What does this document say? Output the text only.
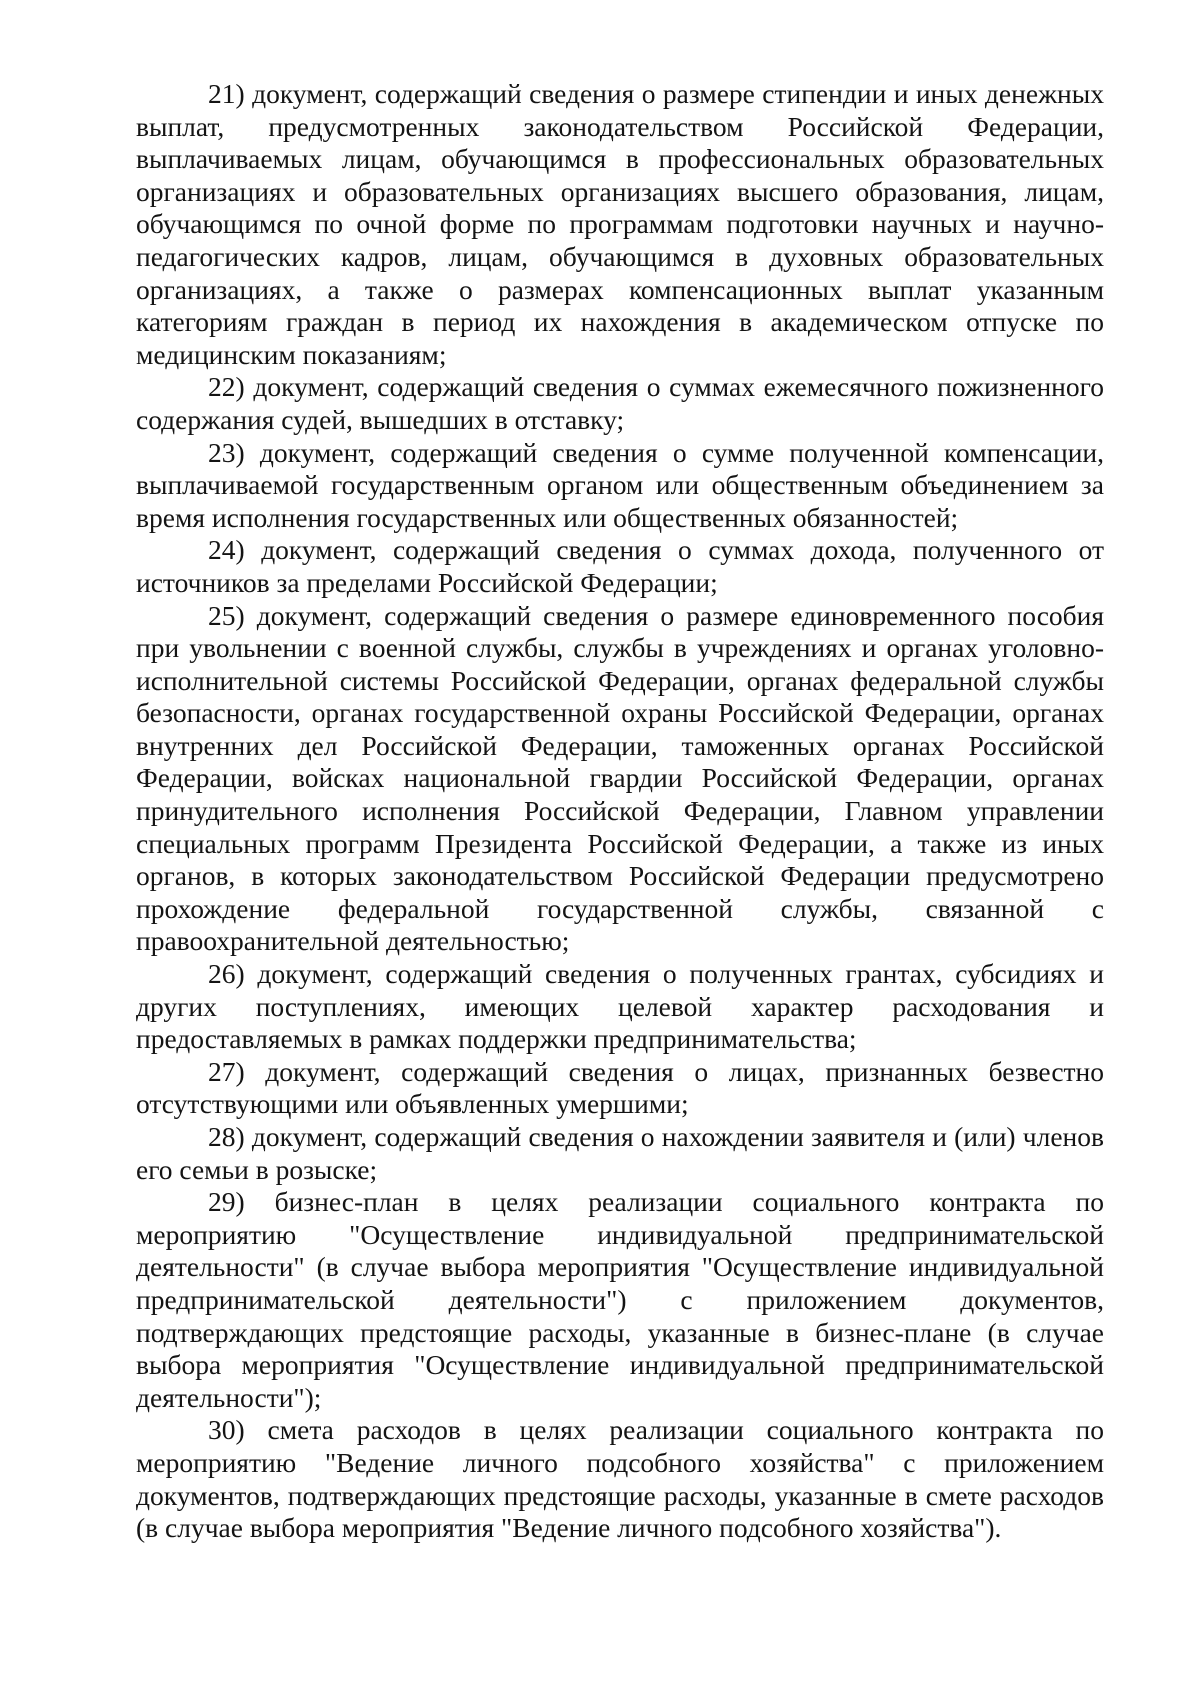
21) документ, содержащий сведения о размере стипендии и иных денежных выплат, предусмотренных законодательством Российской Федерации, выплачиваемых лицам, обучающимся в профессиональных образовательных организациях и образовательных организациях высшего образования, лицам, обучающимся по очной форме по программам подготовки научных и научно-педагогических кадров, лицам, обучающимся в духовных образовательных организациях, а также о размерах компенсационных выплат указанным категориям граждан в период их нахождения в академическом отпуске по медицинским показаниям;

22) документ, содержащий сведения о суммах ежемесячного пожизненного содержания судей, вышедших в отставку;

23) документ, содержащий сведения о сумме полученной компенсации, выплачиваемой государственным органом или общественным объединением за время исполнения государственных или общественных обязанностей;

24) документ, содержащий сведения о суммах дохода, полученного от источников за пределами Российской Федерации;

25) документ, содержащий сведения о размере единовременного пособия при увольнении с военной службы, службы в учреждениях и органах уголовно-исполнительной системы Российской Федерации, органах федеральной службы безопасности, органах государственной охраны Российской Федерации, органах внутренних дел Российской Федерации, таможенных органах Российской Федерации, войсках национальной гвардии Российской Федерации, органах принудительного исполнения Российской Федерации, Главном управлении специальных программ Президента Российской Федерации, а также из иных органов, в которых законодательством Российской Федерации предусмотрено прохождение федеральной государственной службы, связанной с правоохранительной деятельностью;

26) документ, содержащий сведения о полученных грантах, субсидиях и других поступлениях, имеющих целевой характер расходования и предоставляемых в рамках поддержки предпринимательства;

27) документ, содержащий сведения о лицах, признанных безвестно отсутствующими или объявленных умершими;

28) документ, содержащий сведения о нахождении заявителя и (или) членов его семьи в розыске;

29) бизнес-план в целях реализации социального контракта по мероприятию "Осуществление индивидуальной предпринимательской деятельности" (в случае выбора мероприятия "Осуществление индивидуальной предпринимательской деятельности") с приложением документов, подтверждающих предстоящие расходы, указанные в бизнес-плане (в случае выбора мероприятия "Осуществление индивидуальной предпринимательской деятельности");

30) смета расходов в целях реализации социального контракта по мероприятию "Ведение личного подсобного хозяйства" с приложением документов, подтверждающих предстоящие расходы, указанные в смете расходов (в случае выбора мероприятия "Ведение личного подсобного хозяйства").
